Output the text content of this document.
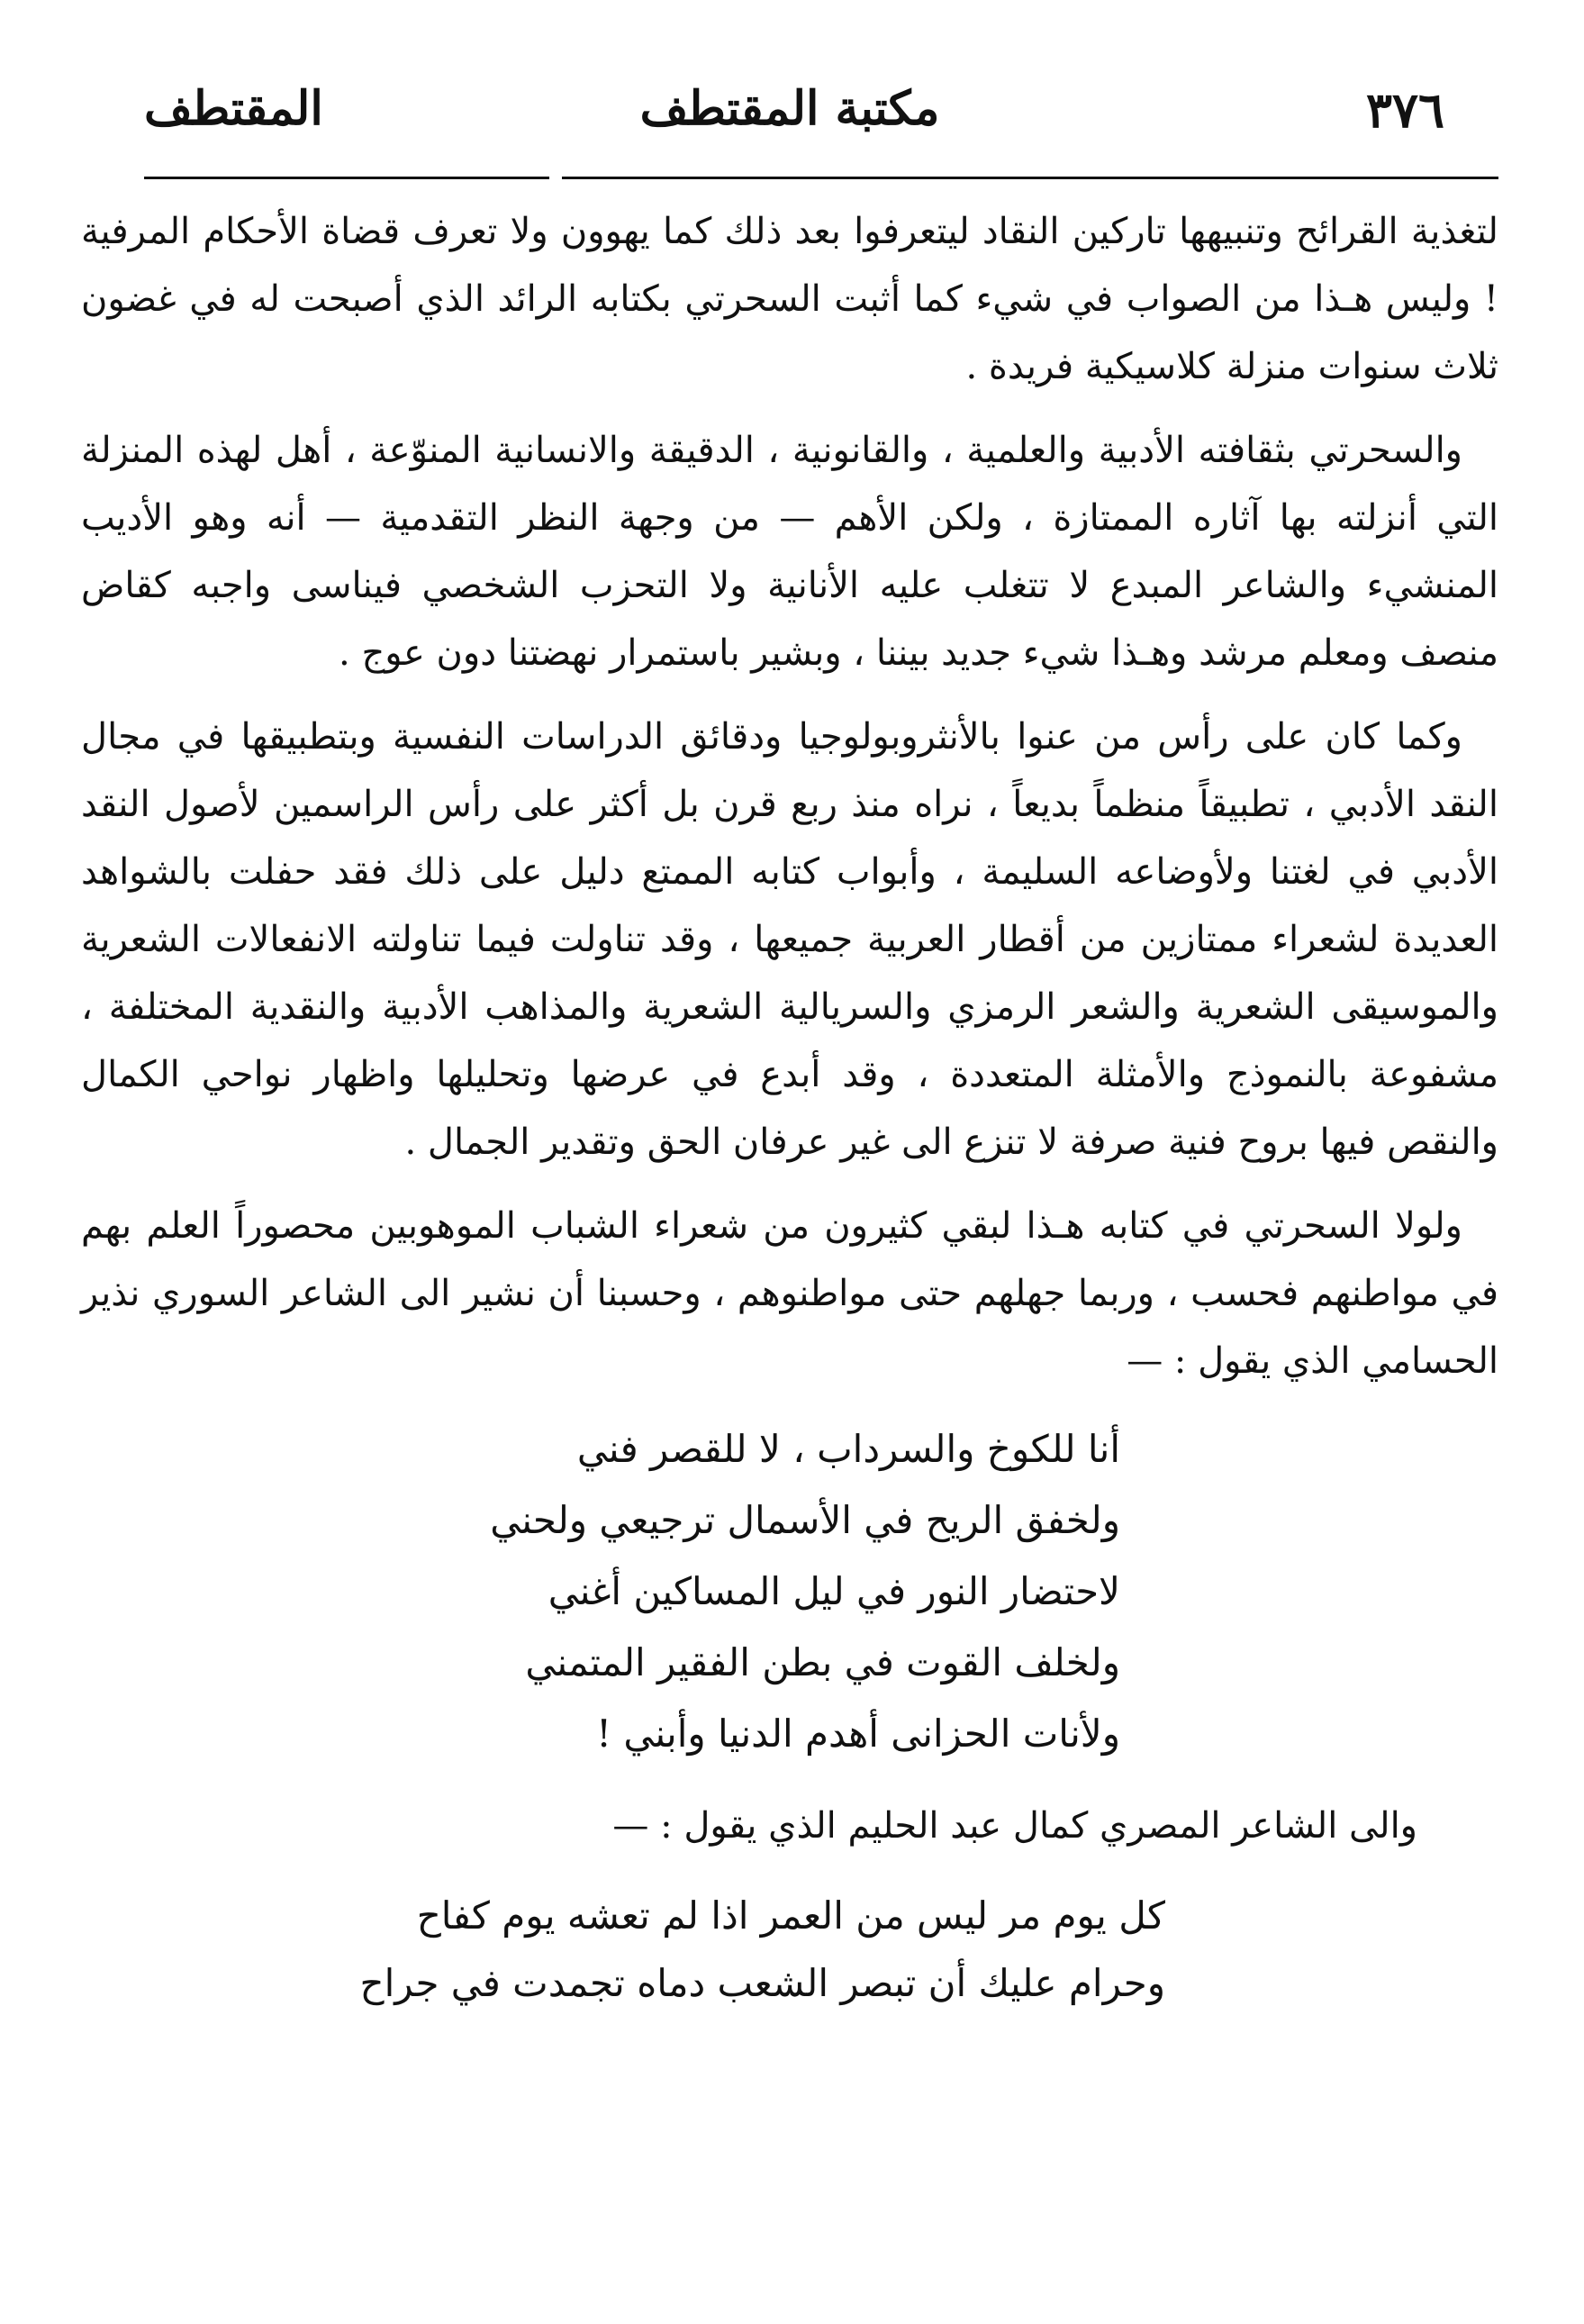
٣٧٦
مكتبة المقتطف
المقتطف

لتغذية القرائح وتنبيهها تاركين النقاد ليتعرفوا بعد ذلك كما يهوون ولا تعرف قضاة الأحكام المرفية ! وليس هـذا من الصواب في شيء كما أثبت السحرتي بكتابه الرائد الذي أصبحت له في غضون ثلاث سنوات منزلة كلاسيكية فريدة .

والسحرتي بثقافته الأدبية والعلمية ، والقانونية ، الدقيقة والانسانية المنوّعة ، أهل لهذه المنزلة التي أنزلته بها آثاره الممتازة ، ولكن الأهم — من وجهة النظر التقدمية — أنه وهو الأديب المنشيء والشاعر المبدع لا تتغلب عليه الأنانية ولا التحزب الشخصي فيناسى واجبه كقاض منصف ومعلم مرشد وهـذا شيء جديد بيننا ، وبشير باستمرار نهضتنا دون عوج .

وكما كان على رأس من عنوا بالأنثروبولوجيا ودقائق الدراسات النفسية وبتطبيقها في مجال النقد الأدبي ، تطبيقاً منظماً بديعاً ، نراه منذ ربع قرن بل أكثر على رأس الراسمين لأصول النقد الأدبي في لغتنا ولأوضاعه السليمة ، وأبواب كتابه الممتع دليل على ذلك فقد حفلت بالشواهد العديدة لشعراء ممتازين من أقطار العربية جميعها ، وقد تناولت فيما تناولته الانفعالات الشعرية والموسيقى الشعرية والشعر الرمزي والسريالية الشعرية والمذاهب الأدبية والنقدية المختلفة ، مشفوعة بالنموذج والأمثلة المتعددة ، وقد أبدع في عرضها وتحليلها واظهار نواحي الكمال والنقص فيها بروح فنية صرفة لا تنزع الى غير عرفان الحق وتقدير الجمال .

ولولا السحرتي في كتابه هـذا لبقي كثيرون من شعراء الشباب الموهوبين محصوراً العلم بهم في مواطنهم فحسب ، وربما جهلهم حتى مواطنوهم ، وحسبنا أن نشير الى الشاعر السوري نذير الحسامي الذي يقول : —

أنا للكوخ والسرداب ، لا للقصر فني
ولخفق الريح في الأسمال ترجيعي ولحني
لاحتضار النور في ليل المساكين أغني
ولخلف القوت في بطن الفقير المتمني
ولأنات الحزانى أهدم الدنيا وأبني !
والى الشاعر المصري كمال عبد الحليم الذي يقول : —
كل يوم مر ليس من العمر اذا لم تعشه يوم كفاح
وحرام عليك أن تبصر الشعب دماه تجمدت في جراح
